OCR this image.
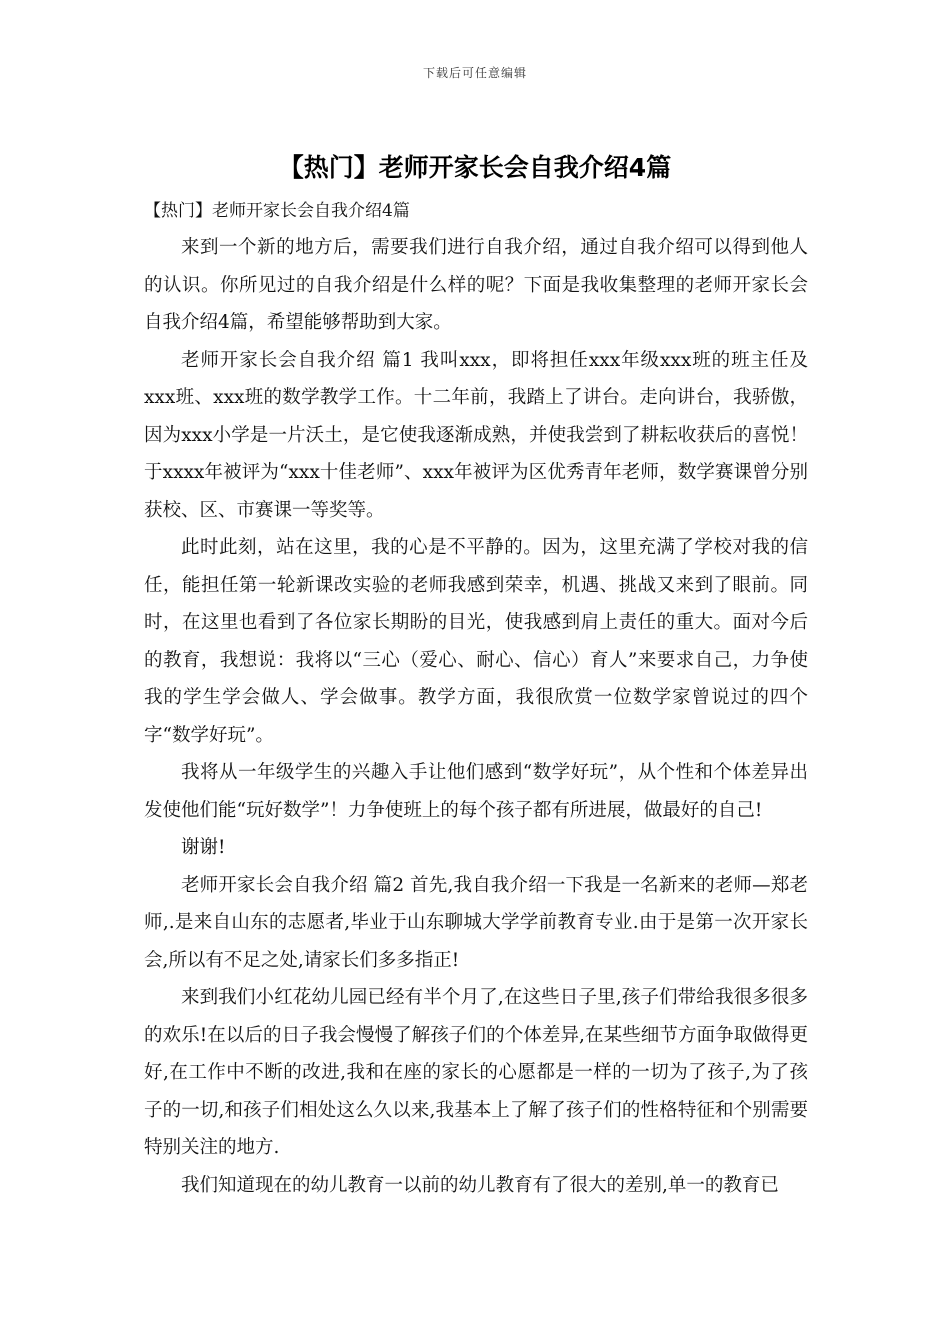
下载后可任意编辑
【热门】老师开家长会自我介绍4篇

【热门】老师开家长会自我介绍4篇

来到一个新的地方后，需要我们进行自我介绍，通过自我介绍可以得到他人的认识。你所见过的自我介绍是什么样的呢？下面是我收集整理的老师开家长会自我介绍4篇，希望能够帮助到大家。

老师开家长会自我介绍 篇1 我叫xxx，即将担任xxx年级xxx班的班主任及xxx班、xxx班的数学教学工作。十二年前，我踏上了讲台。走向讲台，我骄傲，因为xxx小学是一片沃土，是它使我逐渐成熟，并使我尝到了耕耘收获后的喜悦！于xxxx年被评为“xxx十佳老师”、xxx年被评为区优秀青年老师，数学赛课曾分别获校、区、市赛课一等奖等。

此时此刻，站在这里，我的心是不平静的。因为，这里充满了学校对我的信任，能担任第一轮新课改实验的老师我感到荣幸，机遇、挑战又来到了眼前。同时，在这里也看到了各位家长期盼的目光，使我感到肩上责任的重大。面对今后的教育，我想说：我将以“三心（爱心、耐心、信心）育人”来要求自己，力争使我的学生学会做人、学会做事。教学方面，我很欣赏一位数学家曾说过的四个字“数学好玩”。

我将从一年级学生的兴趣入手让他们感到“数学好玩”，从个性和个体差异出发使他们能“玩好数学”！力争使班上的每个孩子都有所进展，做最好的自己!

谢谢!

老师开家长会自我介绍 篇2 首先,我自我介绍一下我是一名新来的老师—郑老师,.是来自山东的志愿者,毕业于山东聊城大学学前教育专业.由于是第一次开家长会,所以有不足之处,请家长们多多指正!

来到我们小红花幼儿园已经有半个月了,在这些日子里,孩子们带给我很多很多的欢乐!在以后的日子我会慢慢了解孩子们的个体差异,在某些细节方面争取做得更好,在工作中不断的改进,我和在座的家长的心愿都是一样的一切为了孩子,为了孩子的一切,和孩子们相处这么久以来,我基本上了解了孩子们的性格特征和个别需要特别关注的地方.

我们知道现在的幼儿教育一以前的幼儿教育有了很大的差别,单一的教育已
